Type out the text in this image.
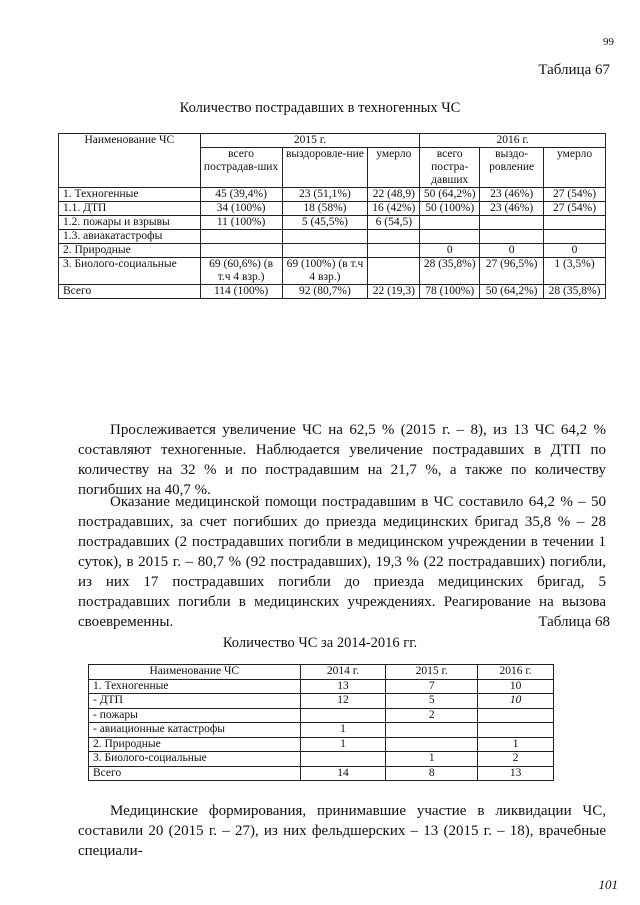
99
Таблица 67
Количество пострадавших в техногенных ЧС
Наименование ЧС	2015 г.			2016 г.		
	всего пострадав-ших	выздоровле-ние	умерло	всего постра-давших	выздо-ровление	умерло
1. Техногенные	45 (39,4%)	23 (51,1%)	22 (48,9)	50 (64,2%)	23 (46%)	27 (54%)
1.1. ДТП	34 (100%)	18 (58%)	16 (42%)	50 (100%)	23 (46%)	27 (54%)
1.2. пожары и взрывы	11 (100%)	5 (45,5%)	6 (54,5)			
1.3. авиакатастрофы						
2. Природные				0	0	0
3. Биолого-социальные	69 (60,6%) (в т.ч 4 взр.)	69 (100%) (в т.ч 4 взр.)		28 (35,8%)	27 (96,5%)	1 (3,5%)
Всего	114 (100%)	92 (80,7%)	22 (19,3)	78 (100%)	50 (64,2%)	28 (35,8%)

Прослеживается увеличение ЧС на 62,5 % (2015 г. – 8), из 13 ЧС 64,2 % составляют техногенные. Наблюдается увеличение пострадавших в ДТП по количеству на 32 % и по пострадавшим на 21,7 %, а также по количеству погибших на 40,7 %.

Оказание медицинской помощи пострадавшим в ЧС составило 64,2 % – 50 пострадавших, за счет погибших до приезда медицинских бригад 35,8 % – 28 пострадавших (2 пострадавших погибли в медицинском учреждении в течении 1 суток), в 2015 г. – 80,7 % (92 пострадавших), 19,3 % (22 пострадавших) погибли, из них 17 пострадавших погибли до приезда медицинских бригад, 5 пострадавших погибли в медицинских учреждениях. Реагирование на вызова своевременны.	Таблица 68
Количество ЧС за 2014-2016 гг.
Наименование ЧС	2014 г.	2015 г.	2016 г.
1. Техногенные	13	7	10
- ДТП	12	5	10
- пожары		2	
- авиационные катастрофы	1		
2. Природные	1		1
3. Биолого-социальные		1	2
Всего	14	8	13

Медицинские формирования, принимавшие участие в ликвидации ЧС, составили 20 (2015 г. – 27), из них фельдшерских – 13 (2015 г. – 18), врачебные специали-

101
